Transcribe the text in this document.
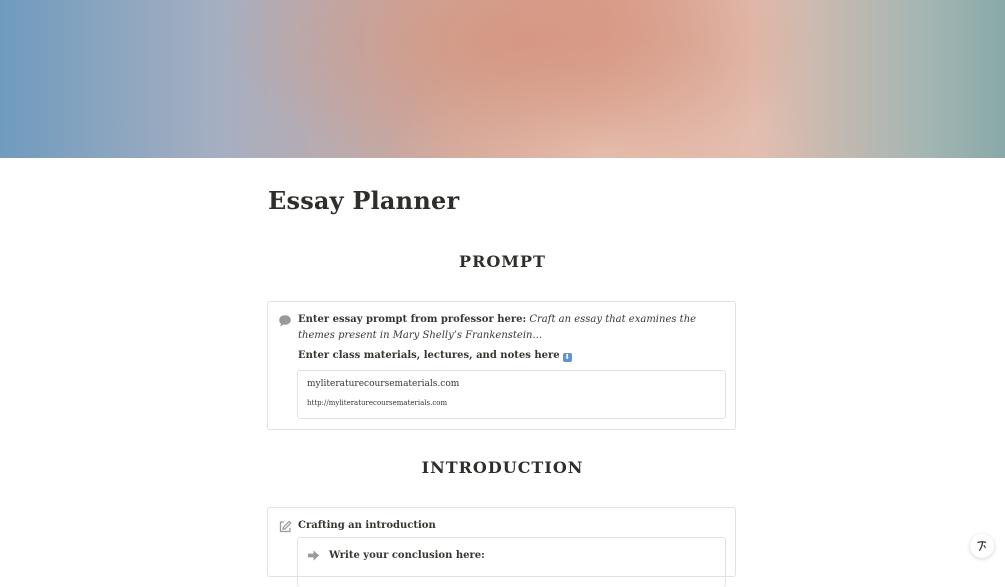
Essay Planner
PROMPT
Enter essay prompt from professor here: Craft an essay that examines the themes present in Mary Shelly’s Frankenstein...
Enter class materials, lectures, and notes here ⬇
myliteraturecoursematerials.com
http://myliteraturecoursematerials.com
INTRODUCTION
Crafting an introduction
Write your conclusion here:
